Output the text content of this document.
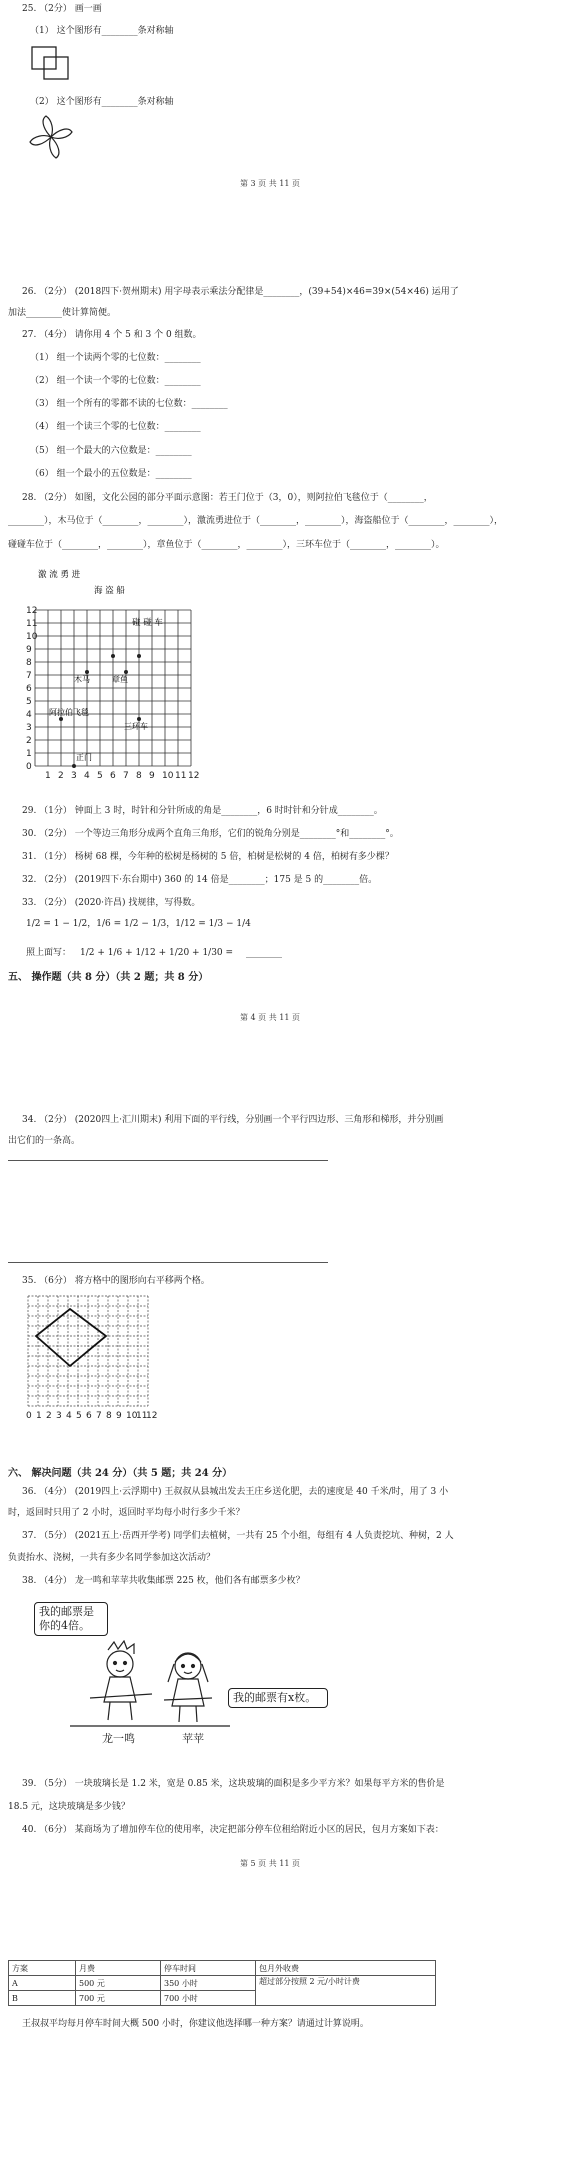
25. （2分） 画一画
（1） 这个图形有________条对称轴
（2） 这个图形有________条对称轴
第 3 页 共 11 页
26. （2分） (2018四下·贺州期末) 用字母表示乘法分配律是________，(39+54)×46=39×(54×46) 运用了
加法________使计算简便。
27. （4分） 请你用 4 个 5 和 3 个 0 组数。
（1） 组一个读两个零的七位数：________
（2） 组一个读一个零的七位数：________
（3） 组一个所有的零都不读的七位数：________
（4） 组一个读三个零的七位数：________
（5） 组一个最大的六位数是：________
（6） 组一个最小的五位数是：________
28. （2分） 如图，文化公园的部分平面示意图：若王门位于（3，0），则阿拉伯飞毯位于（________，
________），木马位于（________，________），激流勇进位于（________，________），海盗船位于（________，________），
碰碰车位于（________，________），章鱼位于（________，________），三环车位于（________，________）。
12
11
10
9
8
7
6
5
4
3
2
1
0
1 2 3 4 5 6 7 8 9 10 11 12
激 流 勇 进
海 盗 船
碰 碰 车
木马	章鱼
阿拉伯飞毯
三环车
正门
29. （1分） 钟面上 3 时，时针和分针所成的角是________，6 时时针和分针成________。
30. （2分） 一个等边三角形分成两个直角三角形，它们的锐角分别是________°和________°。
31. （1分） 杨树 68 棵，今年种的松树是杨树的 5 倍，柏树是松树的 4 倍，柏树有多少棵？
32. （2分） (2019四下·东台期中) 360 的 14 倍是________；175 是 5 的________倍。
33. （2分） (2020·许昌) 找规律，写得数。
1/2 = 1 − 1/2，1/6 = 1/2 − 1/3，1/12 = 1/3 − 1/4
照上面写： 1/2 + 1/6 + 1/12 + 1/20 + 1/30 = ________
五、 操作题（共 8 分）（共 2 题；共 8 分）
第 4 页 共 11 页
34. （2分） (2020四上·汇川期末) 利用下面的平行线，分别画一个平行四边形、三角形和梯形，并分别画
出它们的一条高。
35. （6分） 将方格中的图形向右平移两个格。
0 1 2 3 4 5 6 7 8 9 10
11
12
六、 解决问题（共 24 分）（共 5 题；共 24 分）
36. （4分） (2019四上·云浮期中) 王叔叔从县城出发去王庄乡送化肥，去的速度是 40 千米/时，用了 3 小
时，返回时只用了 2 小时，返回时平均每小时行多少千米？
37. （5分） (2021五上·岳西开学考) 同学们去植树，一共有 25 个小组，每组有 4 人负责挖坑、种树，2 人
负责抬水、浇树，一共有多少名同学参加这次活动？
38. （4分） 龙一鸣和苹苹共收集邮票 225 枚，他们各有邮票多少枚？
我的邮票是你的4倍。
我的邮票有x枚。
龙一鸣	苹苹
39. （5分） 一块玻璃长是 1.2 米，宽是 0.85 米，这块玻璃的面积是多少平方米？如果每平方米的售价是
18.5 元，这块玻璃是多少钱？
40. （6分） 某商场为了增加停车位的使用率，决定把部分停车位租给附近小区的居民，包月方案如下表：
第 5 页 共 11 页
方案	月费	停车时间	包月外收费
A	500 元	350 小时	超过部分按照 2 元/小时计费
B	700 元	700 小时	
王叔叔平均每月停车时间大概 500 小时，你建议他选择哪一种方案？请通过计算说明。
